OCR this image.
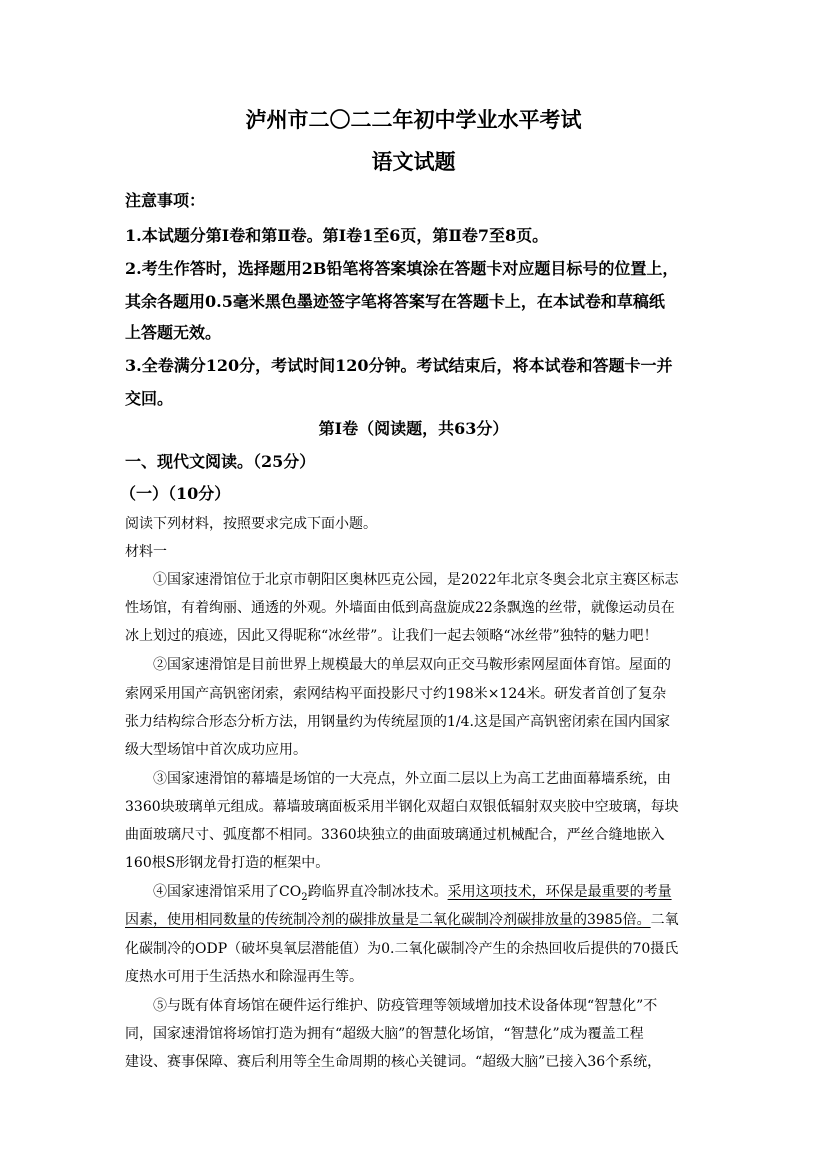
泸州市二〇二二年初中学业水平考试
语文试题

注意事项：

1.本试题分第Ⅰ卷和第Ⅱ卷。第Ⅰ卷1至6页，第Ⅱ卷7至8页。

2.考生作答时，选择题用2B铅笔将答案填涂在答题卡对应题目标号的位置上，

其余各题用0.5毫米黑色墨迹签字笔将答案写在答题卡上，在本试卷和草稿纸

上答题无效。

3.全卷满分120分，考试时间120分钟。考试结束后，将本试卷和答题卡一并

交回。

第Ⅰ卷（阅读题，共63分）

一、现代文阅读。（25分）

（一）（10分）

阅读下列材料，按照要求完成下面小题。

材料一

①国家速滑馆位于北京市朝阳区奥林匹克公园，是2022年北京冬奥会北京主赛区标志

性场馆，有着绚丽、通透的外观。外墙面由低到高盘旋成22条飘逸的丝带，就像运动员在

冰上划过的痕迹，因此又得昵称“冰丝带”。让我们一起去领略“冰丝带”独特的魅力吧！

②国家速滑馆是目前世界上规模最大的单层双向正交马鞍形索网屋面体育馆。屋面的

索网采用国产高钒密闭索，索网结构平面投影尺寸约198米×124米。研发者首创了复杂

张力结构综合形态分析方法，用钢量约为传统屋顶的1/4.这是国产高钒密闭索在国内国家

级大型场馆中首次成功应用。

③国家速滑馆的幕墙是场馆的一大亮点，外立面二层以上为高工艺曲面幕墙系统，由

3360块玻璃单元组成。幕墙玻璃面板采用半钢化双超白双银低辐射双夹胶中空玻璃，每块

曲面玻璃尺寸、弧度都不相同。3360块独立的曲面玻璃通过机械配合，严丝合缝地嵌入

160根S形钢龙骨打造的框架中。

④国家速滑馆采用了$CO_2$跨临界直冷制冰技术。采用这项技术，环保是最重要的考量

因素，使用相同数量的传统制冷剂的碳排放量是二氧化碳制冷剂碳排放量的3985倍。二氧

化碳制冷的ODP（破坏臭氧层潜能值）为0.二氧化碳制冷产生的余热回收后提供的70摄氏

度热水可用于生活热水和除湿再生等。

⑤与既有体育场馆在硬件运行维护、防疫管理等领域增加技术设备体现“智慧化”不

同，国家速滑馆将场馆打造为拥有“超级大脑”的智慧化场馆，“智慧化”成为覆盖工程

建设、赛事保障、赛后利用等全生命周期的核心关键词。“超级大脑”已接入36个系统，
